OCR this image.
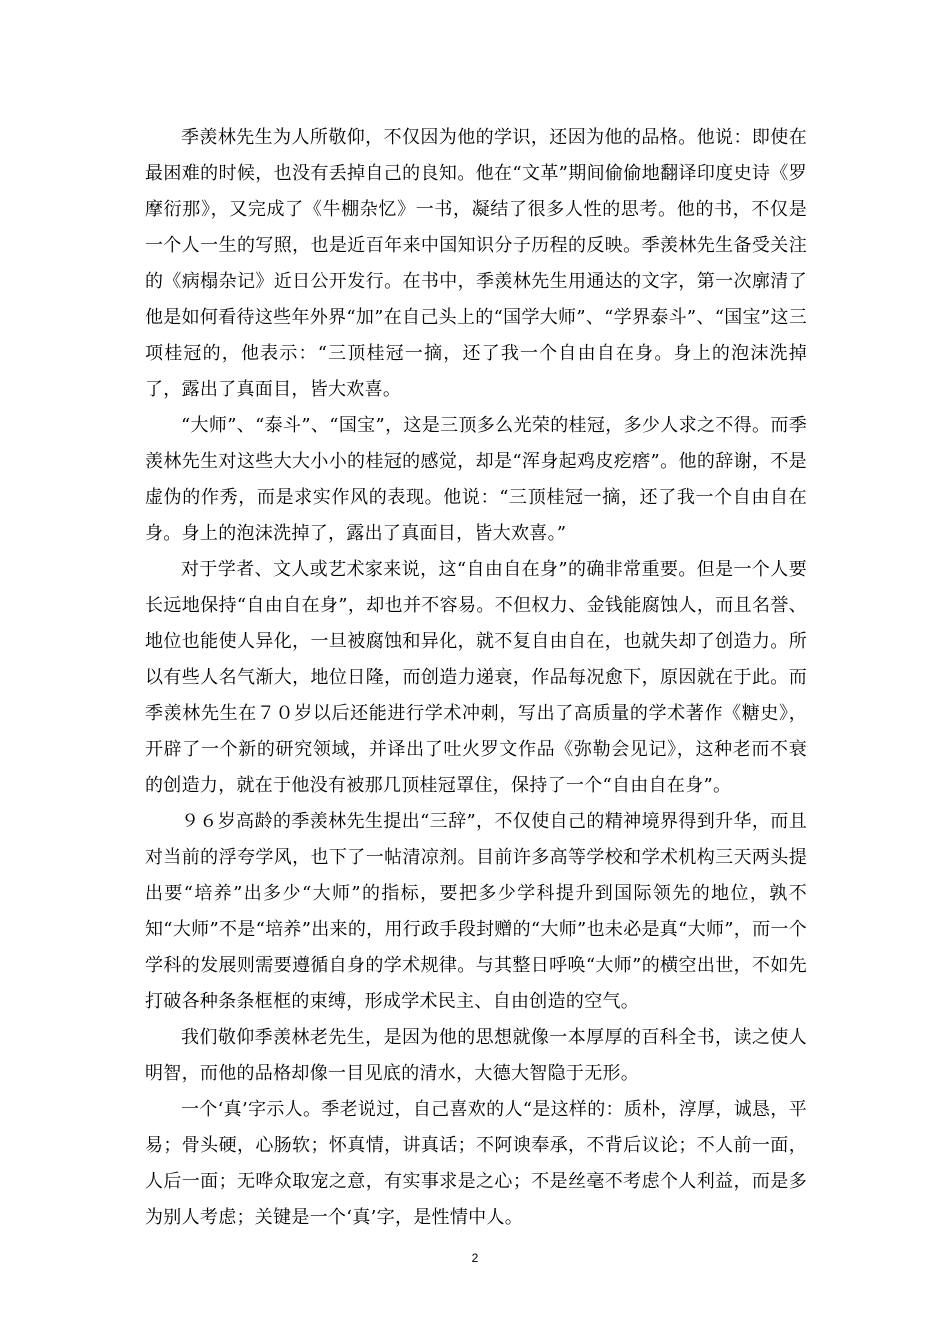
季羡林先生为人所敬仰，不仅因为他的学识，还因为他的品格。他说：即使在最困难的时候，也没有丢掉自己的良知。他在“文革”期间偷偷地翻译印度史诗《罗摩衍那》，又完成了《牛棚杂忆》一书，凝结了很多人性的思考。他的书，不仅是一个人一生的写照，也是近百年来中国知识分子历程的反映。季羡林先生备受关注的《病榻杂记》近日公开发行。在书中，季羡林先生用通达的文字，第一次廓清了他是如何看待这些年外界“加”在自己头上的“国学大师”、“学界泰斗”、“国宝”这三项桂冠的，他表示：“三顶桂冠一摘，还了我一个自由自在身。身上的泡沫洗掉了，露出了真面目，皆大欢喜。

“大师”、“泰斗”、“国宝”，这是三顶多么光荣的桂冠，多少人求之不得。而季羡林先生对这些大大小小的桂冠的感觉，却是“浑身起鸡皮疙瘩”。他的辞谢，不是虚伪的作秀，而是求实作风的表现。他说：“三顶桂冠一摘，还了我一个自由自在身。身上的泡沫洗掉了，露出了真面目，皆大欢喜。”

对于学者、文人或艺术家来说，这“自由自在身”的确非常重要。但是一个人要长远地保持“自由自在身”，却也并不容易。不但权力、金钱能腐蚀人，而且名誉、地位也能使人异化，一旦被腐蚀和异化，就不复自由自在，也就失却了创造力。所以有些人名气渐大，地位日隆，而创造力递衰，作品每况愈下，原因就在于此。而季羡林先生在７０岁以后还能进行学术冲刺，写出了高质量的学术著作《糖史》，开辟了一个新的研究领域，并译出了吐火罗文作品《弥勒会见记》，这种老而不衰的创造力，就在于他没有被那几顶桂冠罩住，保持了一个“自由自在身”。

９６岁高龄的季羡林先生提出“三辞”，不仅使自己的精神境界得到升华，而且对当前的浮夸学风，也下了一帖清凉剂。目前许多高等学校和学术机构三天两头提出要“培养”出多少“大师”的指标，要把多少学科提升到国际领先的地位，孰不知“大师”不是“培养”出来的，用行政手段封赠的“大师”也未必是真“大师”，而一个学科的发展则需要遵循自身的学术规律。与其整日呼唤“大师”的横空出世，不如先打破各种条条框框的束缚，形成学术民主、自由创造的空气。

我们敬仰季羡林老先生，是因为他的思想就像一本厚厚的百科全书，读之使人明智，而他的品格却像一目见底的清水，大德大智隐于无形。

一个‘真’字示人。季老说过，自己喜欢的人“是这样的：质朴，淳厚，诚恳，平易；骨头硬，心肠软；怀真情，讲真话；不阿谀奉承，不背后议论；不人前一面，人后一面；无哗众取宠之意，有实事求是之心；不是丝毫不考虑个人利益，而是多为别人考虑；关键是一个‘真’字，是性情中人。

2
